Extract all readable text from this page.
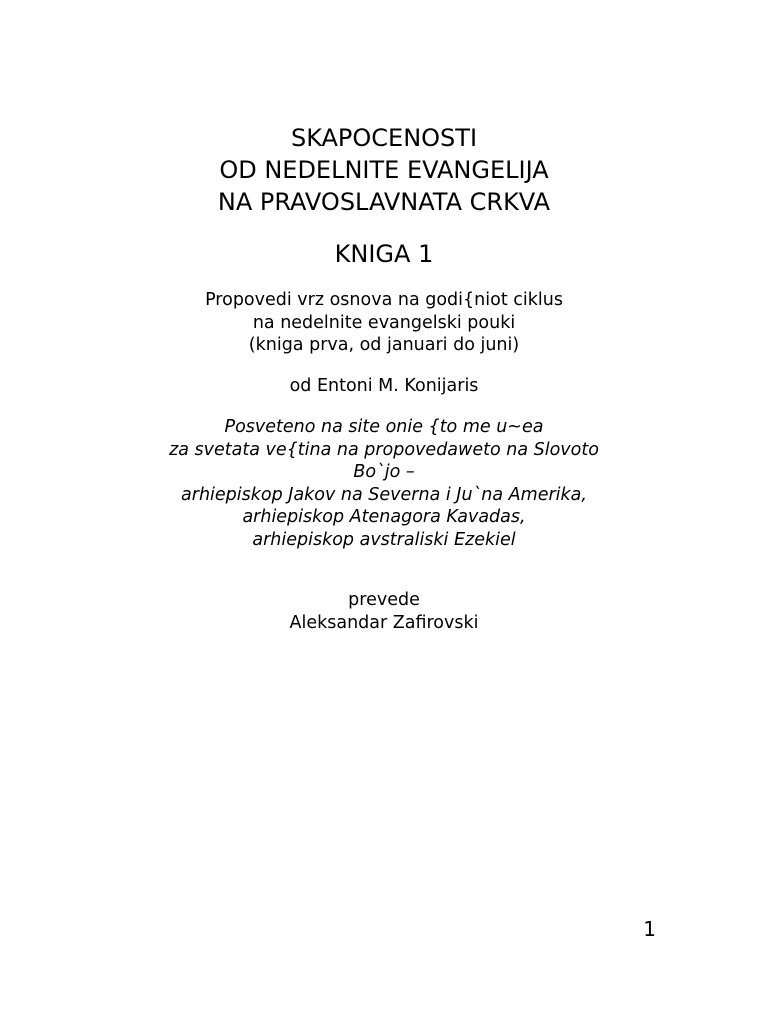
SKAPOCENOSTI
OD NEDELNITE EVANGELIJA
NA PRAVOSLAVNATA CRKVA
KNIGA 1
Propovedi vrz osnova na godi{niot ciklus
na nedelnite evangelski pouki
(kniga prva, od januari do juni)
od Entoni M. Konijaris
Posveteno na site onie {to me u~ea
za svetata ve{tina na propovedaweto na Slovoto
Bo`jo –
arhiepiskop Jakov na Severna i Ju`na Amerika,
arhiepiskop Atenagora Kavadas,
arhiepiskop avstraliski Ezekiel
prevede
Aleksandar Zafirovski
1
